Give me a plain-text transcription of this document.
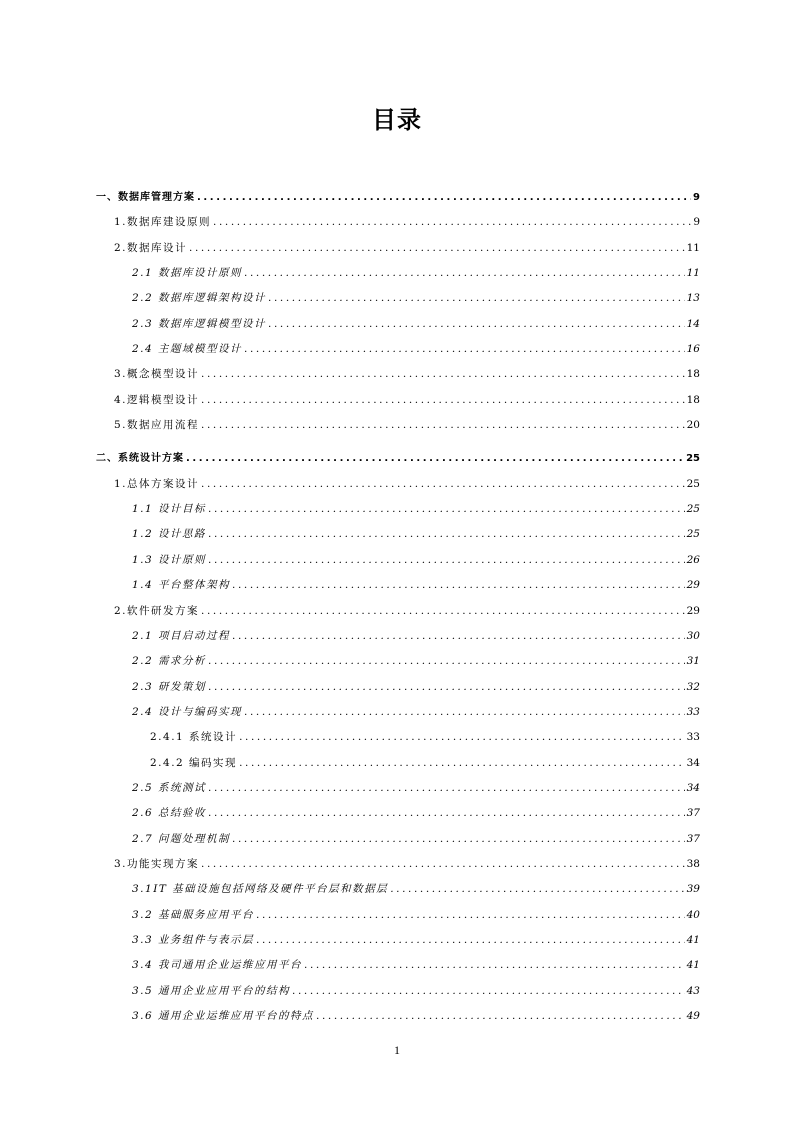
目录
一、数据库管理方案 .....	9
1.数据库建设原则 .....	9
2.数据库设计 .....	11
2.1 数据库设计原则 .....	11
2.2 数据库逻辑架构设计 .....	13
2.3 数据库逻辑模型设计 .....	14
2.4 主题域模型设计 .....	16
3.概念模型设计 .....	18
4.逻辑模型设计 .....	18
5.数据应用流程 .....	20
二、系统设计方案 .....	25
1.总体方案设计 .....	25
1.1 设计目标 .....	25
1.2 设计思路 .....	25
1.3 设计原则 .....	26
1.4 平台整体架构 .....	29
2.软件研发方案 .....	29
2.1 项目启动过程 .....	30
2.2 需求分析 .....	31
2.3 研发策划 .....	32
2.4 设计与编码实现 .....	33
2.4.1 系统设计 .....	33
2.4.2 编码实现 .....	34
2.5 系统测试 .....	34
2.6 总结验收 .....	37
2.7 问题处理机制 .....	37
3.功能实现方案 .....	38
3.1IT 基础设施包括网络及硬件平台层和数据层 .....	39
3.2 基础服务应用平台 .....	40
3.3 业务组件与表示层 .....	41
3.4 我司通用企业运维应用平台 .....	41
3.5 通用企业应用平台的结构 .....	43
3.6 通用企业运维应用平台的特点 .....	49
1
